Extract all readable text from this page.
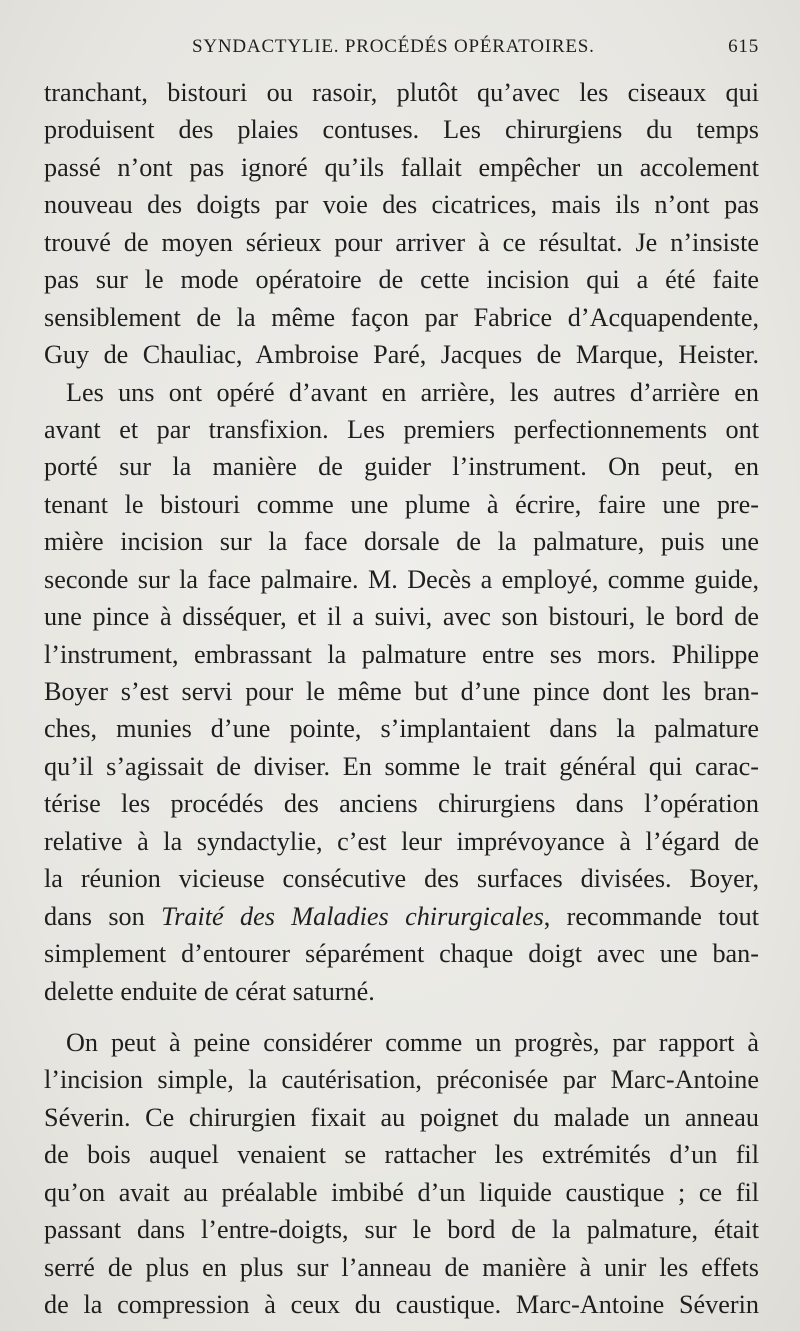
SYNDACTYLIE. PROCÉDÉS OPÉRATOIRES.	615
tranchant, bistouri ou rasoir, plutôt qu’avec les ciseaux qui
produisent des plaies contuses. Les chirurgiens du temps
passé n’ont pas ignoré qu’ils fallait empêcher un accolement
nouveau des doigts par voie des cicatrices, mais ils n’ont pas
trouvé de moyen sérieux pour arriver à ce résultat. Je n’insiste
pas sur le mode opératoire de cette incision qui a été faite
sensiblement de la même façon par Fabrice d’Acquapendente,
Guy de Chauliac, Ambroise Paré, Jacques de Marque, Heister.
Les uns ont opéré d’avant en arrière, les autres d’arrière en
avant et par transfixion. Les premiers perfectionnements ont
porté sur la manière de guider l’instrument. On peut, en
tenant le bistouri comme une plume à écrire, faire une pre-
mière incision sur la face dorsale de la palmature, puis une
seconde sur la face palmaire. M. Decès a employé, comme guide,
une pince à disséquer, et il a suivi, avec son bistouri, le bord de
l’instrument, embrassant la palmature entre ses mors. Philippe
Boyer s’est servi pour le même but d’une pince dont les bran-
ches, munies d’une pointe, s’implantaient dans la palmature
qu’il s’agissait de diviser. En somme le trait général qui carac-
térise les procédés des anciens chirurgiens dans l’opération
relative à la syndactylie, c’est leur imprévoyance à l’égard de
la réunion vicieuse consécutive des surfaces divisées. Boyer,
dans son Traité des Maladies chirurgicales, recommande tout
simplement d’entourer séparément chaque doigt avec une ban-
delette enduite de cérat saturné.
On peut à peine considérer comme un progrès, par rapport à
l’incision simple, la cautérisation, préconisée par Marc-Antoine
Séverin. Ce chirurgien fixait au poignet du malade un anneau
de bois auquel venaient se rattacher les extrémités d’un fil
qu’on avait au préalable imbibé d’un liquide caustique ; ce fil
passant dans l’entre-doigts, sur le bord de la palmature, était
serré de plus en plus sur l’anneau de manière à unir les effets
de la compression à ceux du caustique. Marc-Antoine Séverin
